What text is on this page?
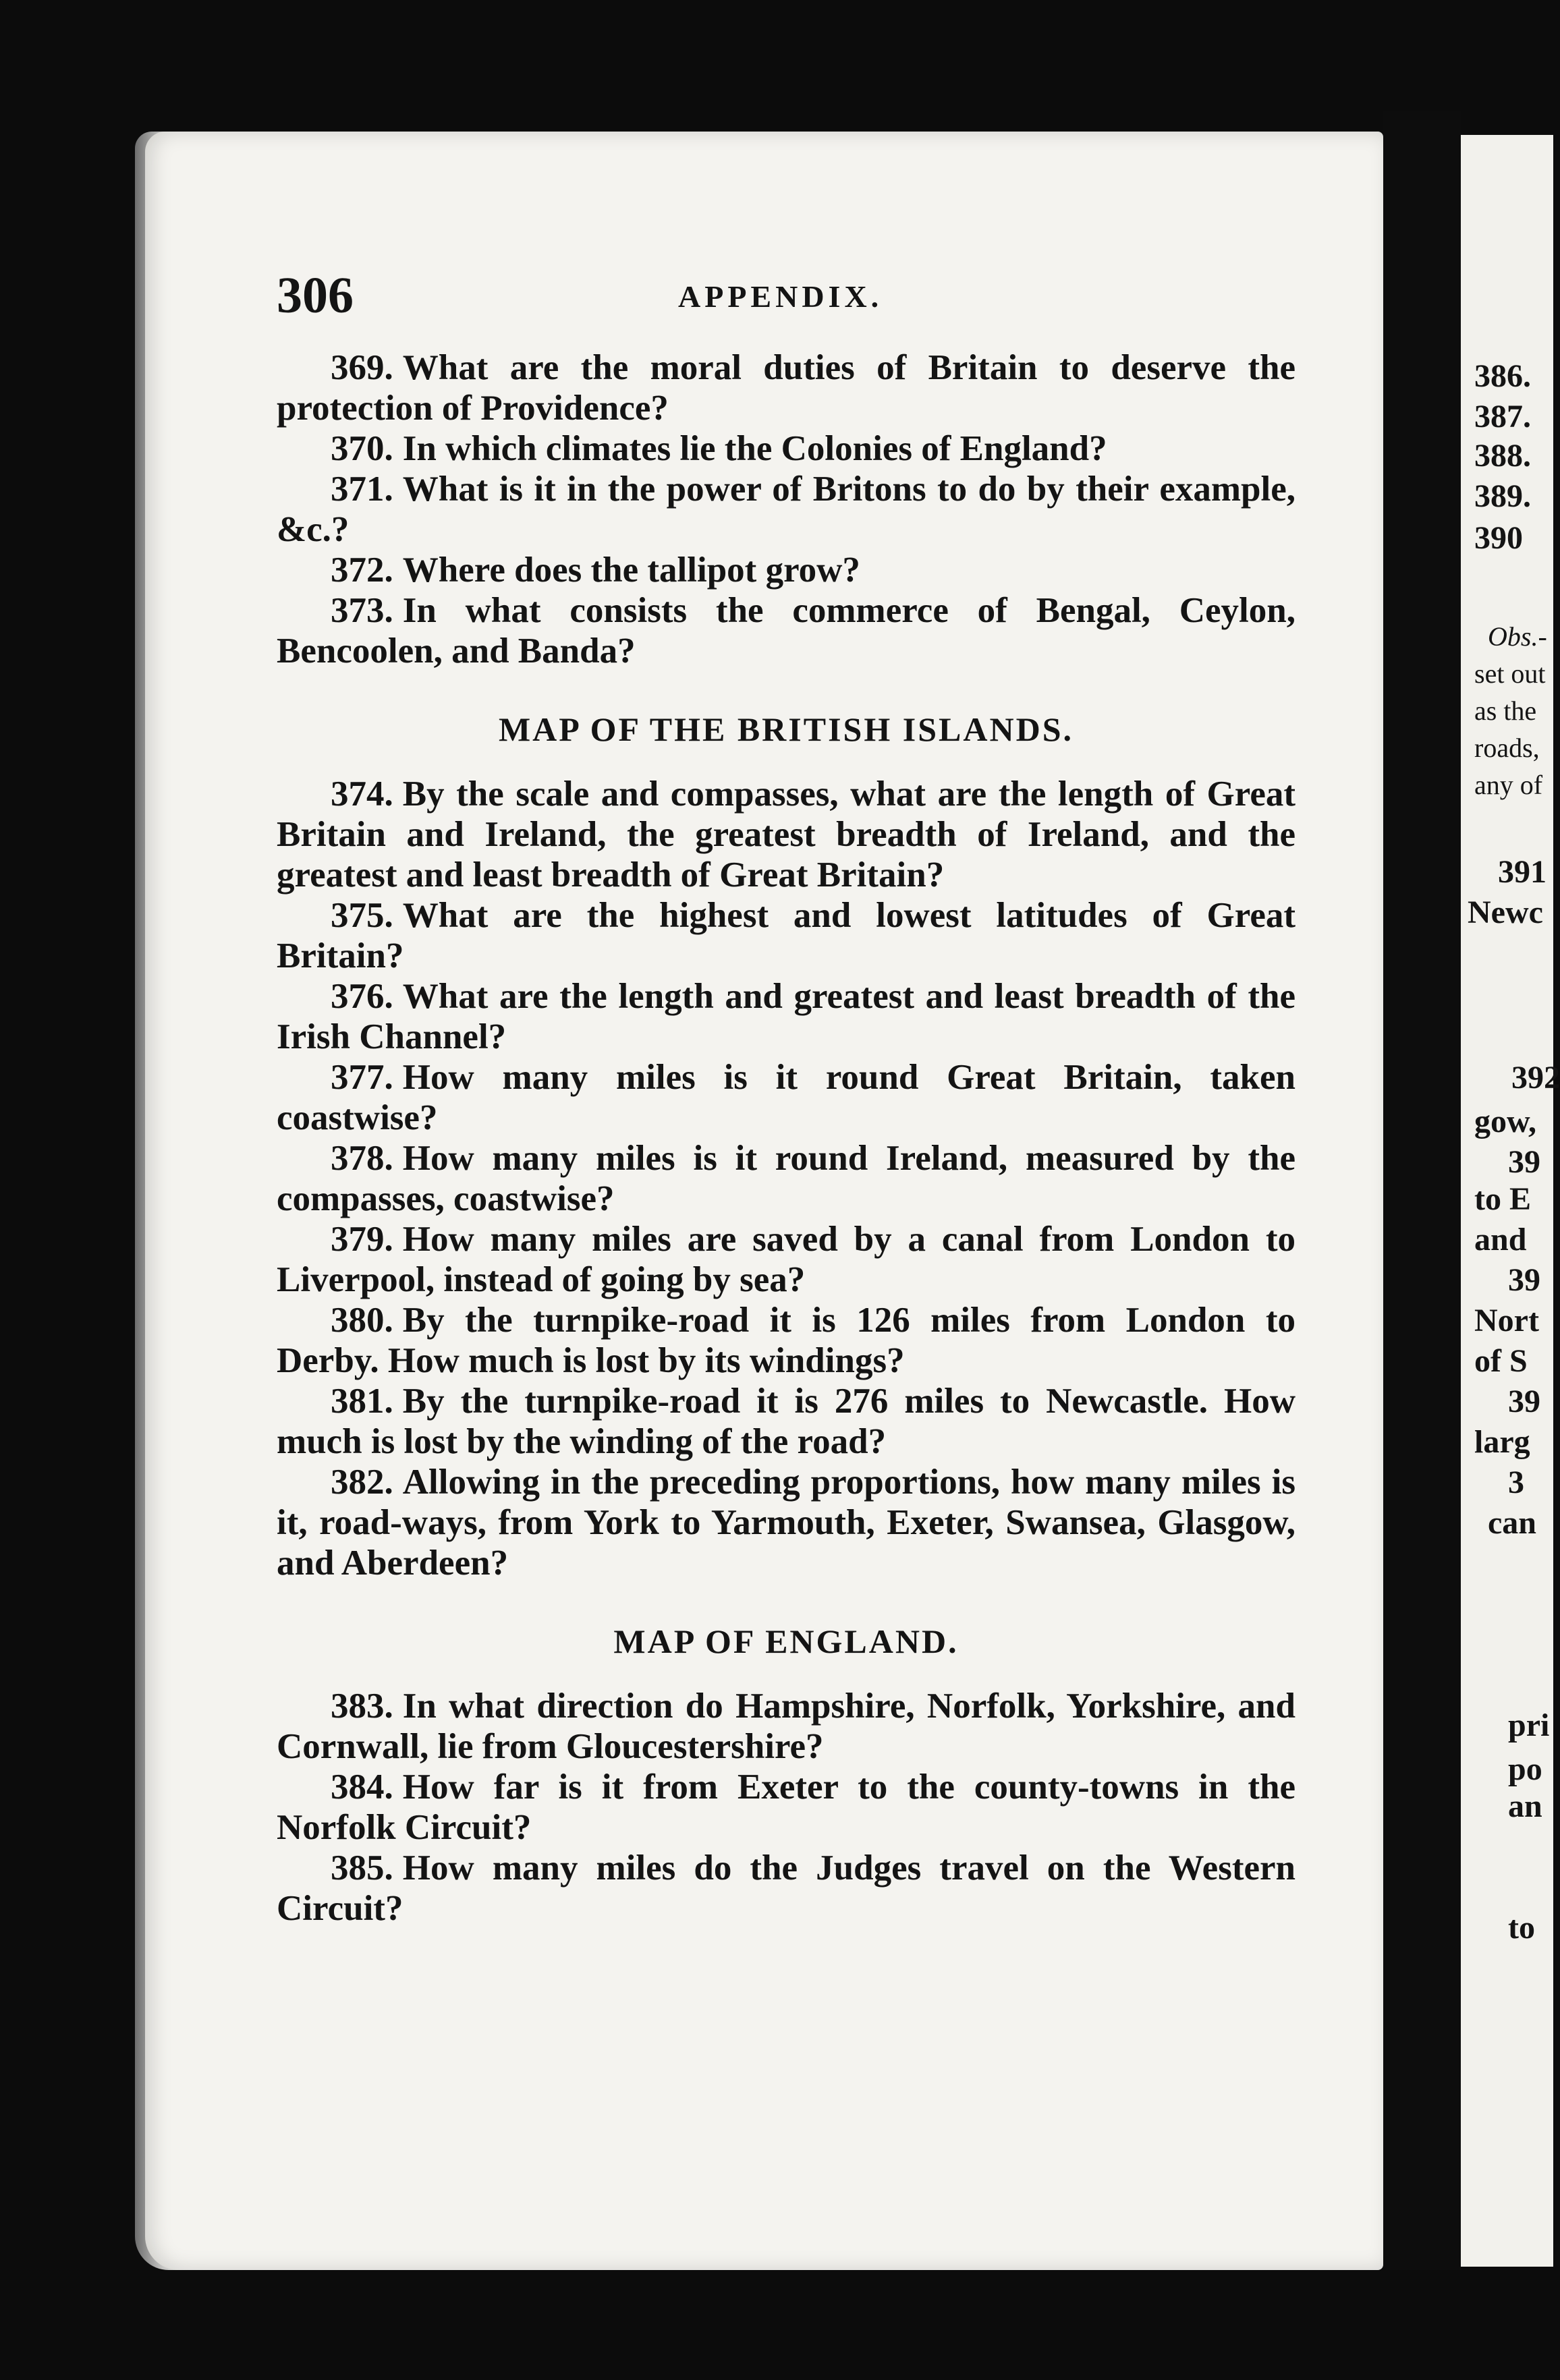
306	APPENDIX.

369. What are the moral duties of Britain to deserve the protection of Providence?

370. In which climates lie the Colonies of England?

371. What is it in the power of Britons to do by their example, &c.?

372. Where does the tallipot grow?

373. In what consists the commerce of Bengal, Ceylon, Bencoolen, and Banda?

MAP OF THE BRITISH ISLANDS.

374. By the scale and compasses, what are the length of Great Britain and Ireland, the greatest breadth of Ireland, and the greatest and least breadth of Great Britain?

375. What are the highest and lowest latitudes of Great Britain?

376. What are the length and greatest and least breadth of the Irish Channel?

377. How many miles is it round Great Britain, taken coastwise?

378. How many miles is it round Ireland, measured by the compasses, coastwise?

379. How many miles are saved by a canal from London to Liverpool, instead of going by sea?

380. By the turnpike-road it is 126 miles from London to Derby. How much is lost by its windings?

381. By the turnpike-road it is 276 miles to Newcastle. How much is lost by the winding of the road?

382. Allowing in the preceding proportions, how many miles is it, road-ways, from York to Yarmouth, Exeter, Swansea, Glasgow, and Aberdeen?

MAP OF ENGLAND.

383. In what direction do Hampshire, Norfolk, Yorkshire, and Cornwall, lie from Gloucestershire?

384. How far is it from Exeter to the county-towns in the Norfolk Circuit?

385. How many miles do the Judges travel on the Western Circuit?

386.
387.
388.
389.
390
Obs.-
set out
as the
roads,
any of
391
Newc
392
gow,
39
to E
and
39
Nort
of S
39
larg
3
can
pri
po
an
to
